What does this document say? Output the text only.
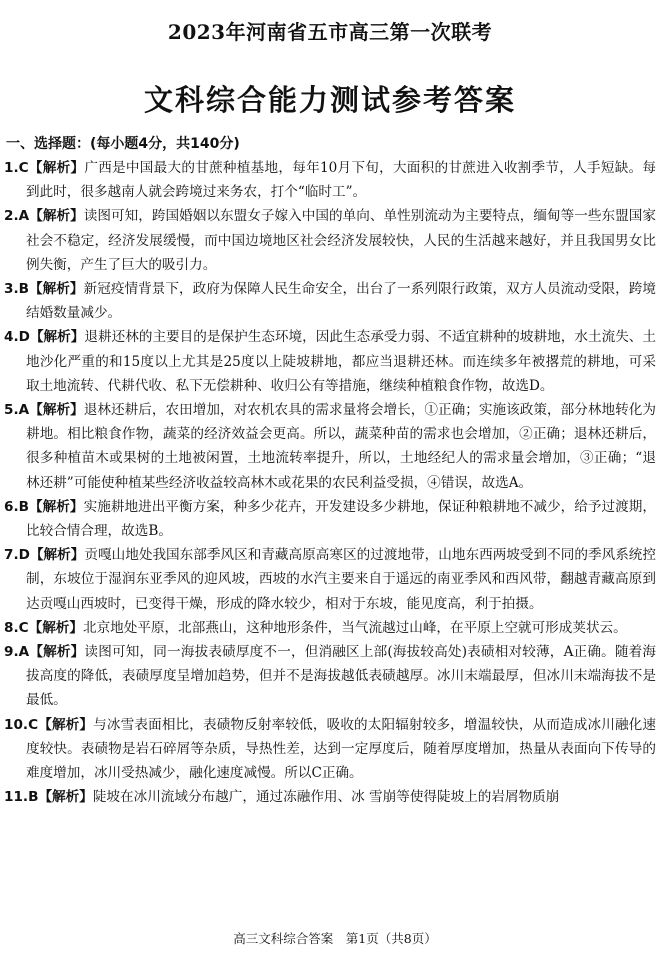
2023年河南省五市高三第一次联考
文科综合能力测试参考答案
一、选择题：(每小题4分，共140分)
1.C【解析】广西是中国最大的甘蔗种植基地，每年10月下旬，大面积的甘蔗进入收割季节，人手短缺。每到此时，很多越南人就会跨境过来务农，打个“临时工”。
2.A【解析】读图可知，跨国婚姻以东盟女子嫁入中国的单向、单性别流动为主要特点，缅甸等一些东盟国家社会不稳定，经济发展缓慢，而中国边境地区社会经济发展较快，人民的生活越来越好，并且我国男女比例失衡，产生了巨大的吸引力。
3.B【解析】新冠疫情背景下，政府为保障人民生命安全，出台了一系列限行政策，双方人员流动受限，跨境结婚数量减少。
4.D【解析】退耕还林的主要目的是保护生态环境，因此生态承受力弱、不适宜耕种的坡耕地，水土流失、土地沙化严重的和15度以上尤其是25度以上陡坡耕地，都应当退耕还林。而连续多年被撂荒的耕地，可采取土地流转、代耕代收、私下无偿耕种、收归公有等措施，继续种植粮食作物，故选D。
5.A【解析】退林还耕后，农田增加，对农机农具的需求量将会增长，①正确；实施该政策，部分林地转化为耕地。相比粮食作物，蔬菜的经济效益会更高。所以，蔬菜种苗的需求也会增加，②正确；退林还耕后，很多种植苗木或果树的土地被闲置，土地流转率提升，所以，土地经纪人的需求量会增加，③正确；“退林还耕”可能使种植某些经济收益较高林木或花果的农民利益受损，④错误，故选A。
6.B【解析】实施耕地进出平衡方案，种多少花卉，开发建设多少耕地，保证种粮耕地不减少，给予过渡期，比较合情合理，故选B。
7.D【解析】贡嘎山地处我国东部季风区和青藏高原高寒区的过渡地带，山地东西两坡受到不同的季风系统控制，东坡位于湿润东亚季风的迎风坡，西坡的水汽主要来自于遥远的南亚季风和西风带，翻越青藏高原到达贡嘎山西坡时，已变得干燥，形成的降水较少，相对于东坡，能见度高，利于拍摄。
8.C【解析】北京地处平原，北部燕山，这种地形条件，当气流越过山峰，在平原上空就可形成荚状云。
9.A【解析】读图可知，同一海拔表碛厚度不一，但消融区上部(海拔较高处)表碛相对较薄，A正确。随着海拔高度的降低，表碛厚度呈增加趋势，但并不是海拔越低表碛越厚。冰川末端最厚，但冰川末端海拔不是最低。
10.C【解析】与冰雪表面相比，表碛物反射率较低，吸收的太阳辐射较多，增温较快，从而造成冰川融化速度较快。表碛物是岩石碎屑等杂质，导热性差，达到一定厚度后，随着厚度增加，热量从表面向下传导的难度增加，冰川受热减少，融化速度减慢。所以C正确。
11.B【解析】陡坡在冰川流域分布越广，通过冻融作用、冰 雪崩等使得陡坡上的岩屑物质崩
高三文科综合答案　第1页（共8页）
